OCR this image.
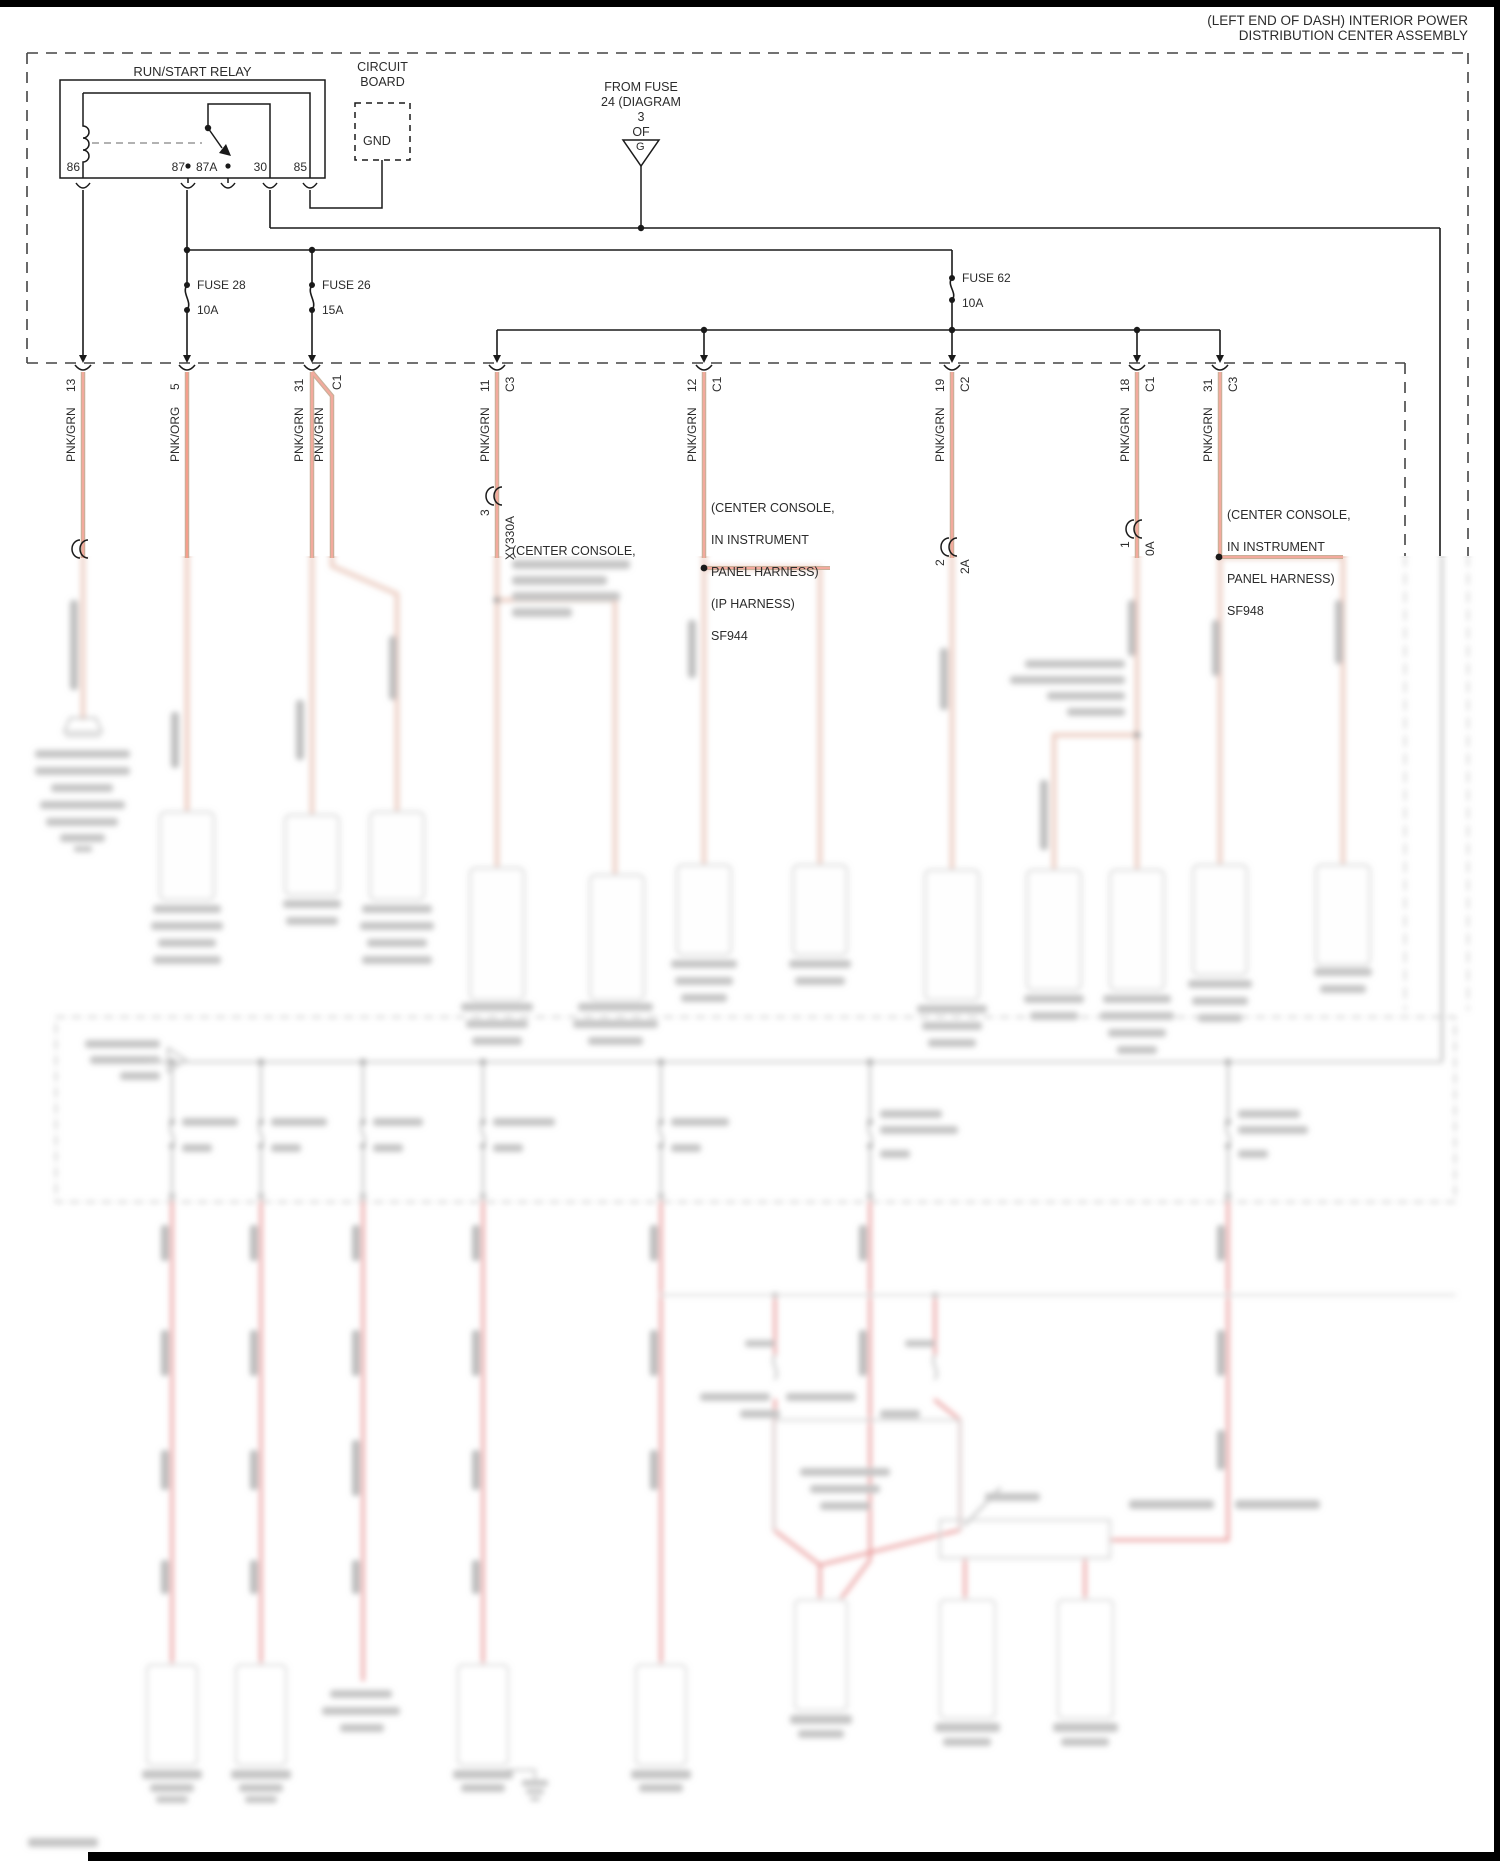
(LEFT END OF DASH) INTERIOR POWER
DISTRIBUTION CENTER ASSEMBLY
RUN/START RELAY
86	87 87A	30	85
CIRCUIT
BOARD
GND
FROM FUSE
24 (DIAGRAM
3
OF
G
FUSE 28
10A
FUSE 26
15A
FUSE 62
10A
13
PNK/GRN
5
PNK/ORG
31
PNK/GRN
C1
PNK/GRN
11 C3
PNK/GRN
12 C1
PNK/GRN
19 C2
PNK/GRN
18 C1
PNK/GRN
31 C3
PNK/GRN
3
XY330A
2 2A
1 0A

(CENTER CONSOLE,

IN INSTRUMENT

PANEL HARNESS)

(IP HARNESS)

SF944

(CENTER CONSOLE,

IN INSTRUMENT

PANEL HARNESS)

SF948

(CENTER CONSOLE,
